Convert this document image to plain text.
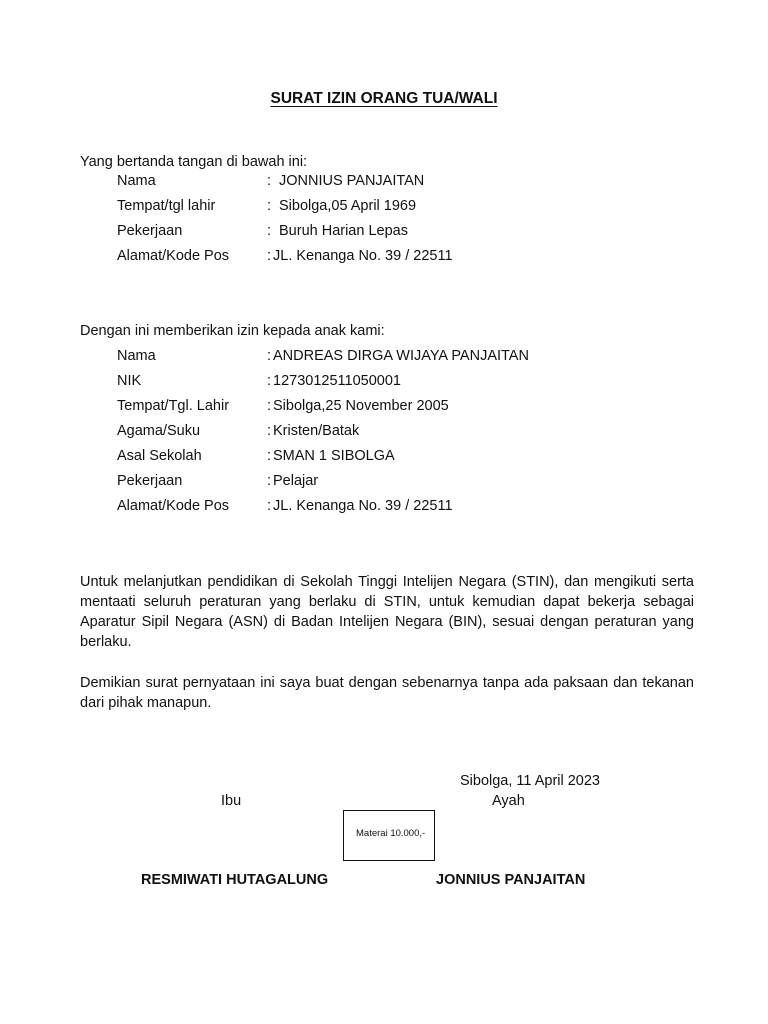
SURAT IZIN ORANG TUA/WALI
Yang bertanda tangan di bawah ini:
Nama	: JONNIUS PANJAITAN
Tempat/tgl lahir	: Sibolga,05 April 1969
Pekerjaan	: Buruh Harian Lepas
Alamat/Kode Pos	: JL. Kenanga No. 39 / 22511
Dengan ini memberikan izin kepada anak kami:
Nama	: ANDREAS DIRGA WIJAYA PANJAITAN
NIK	: 1273012511050001
Tempat/Tgl. Lahir	: Sibolga,25 November 2005
Agama/Suku	: Kristen/Batak
Asal Sekolah	: SMAN 1 SIBOLGA
Pekerjaan	: Pelajar
Alamat/Kode Pos	: JL. Kenanga No. 39 / 22511
Untuk melanjutkan pendidikan di Sekolah Tinggi Intelijen Negara (STIN), dan mengikuti serta mentaati seluruh peraturan yang berlaku di STIN, untuk kemudian dapat bekerja sebagai Aparatur Sipil Negara (ASN) di Badan Intelijen Negara (BIN), sesuai dengan peraturan yang berlaku.
Demikian surat pernyataan ini saya buat dengan sebenarnya tanpa ada paksaan dan tekanan dari pihak manapun.
Sibolga, 11 April 2023
Ibu	Ayah
Materai 10.000,-
RESMIWATI HUTAGALUNG	JONNIUS PANJAITAN
